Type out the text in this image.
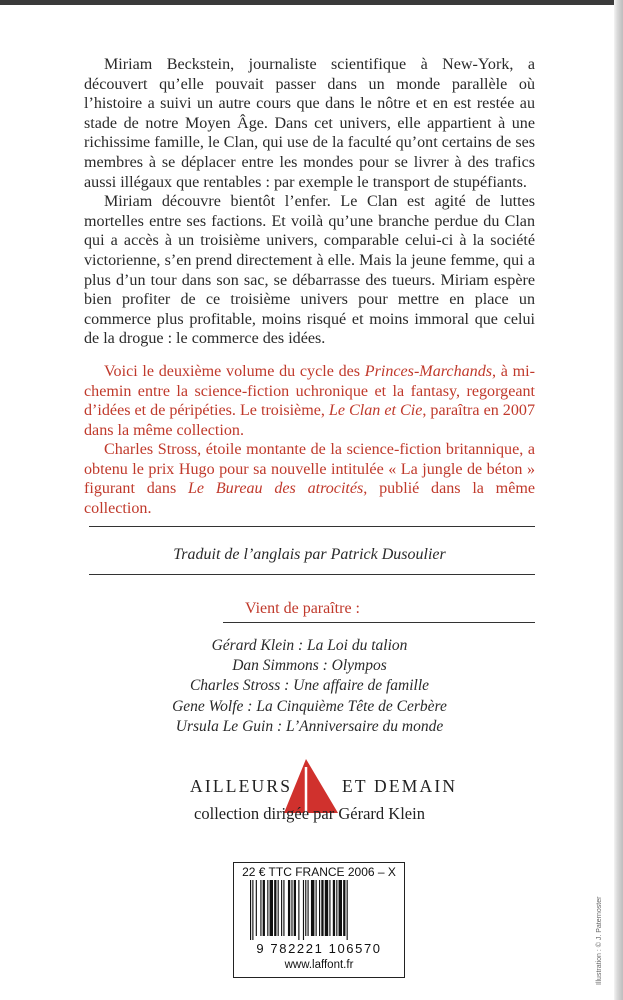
Miriam Beckstein, journaliste scientifique à New-York, a découvert qu’elle pouvait passer dans un monde parallèle où l’histoire a suivi un autre cours que dans le nôtre et en est restée au stade de notre Moyen Âge. Dans cet univers, elle appartient à une richissime famille, le Clan, qui use de la faculté qu’ont certains de ses membres à se déplacer entre les mondes pour se livrer à des trafics aussi illégaux que rentables : par exemple le transport de stupéfiants.

Miriam découvre bientôt l’enfer. Le Clan est agité de luttes mortelles entre ses factions. Et voilà qu’une branche perdue du Clan qui a accès à un troisième univers, comparable celui-ci à la société victorienne, s’en prend directement à elle. Mais la jeune femme, qui a plus d’un tour dans son sac, se débarrasse des tueurs. Miriam espère bien profiter de ce troisième univers pour mettre en place un commerce plus profitable, moins risqué et moins immoral que celui de la drogue : le commerce des idées.

Voici le deuxième volume du cycle des Princes-Marchands, à mi-chemin entre la science-fiction uchronique et la fantasy, regorgeant d’idées et de péripéties. Le troisième, Le Clan et Cie, paraîtra en 2007 dans la même collection.

Charles Stross, étoile montante de la science-fiction britannique, a obtenu le prix Hugo pour sa nouvelle intitulée « La jungle de béton » figurant dans Le Bureau des atrocités, publié dans la même collection.

Traduit de l’anglais par Patrick Dusoulier
Vient de paraître :
Gérard Klein : La Loi du talion
Dan Simmons : Olympos
Charles Stross : Une affaire de famille
Gene Wolfe : La Cinquième Tête de Cerbère
Ursula Le Guin : L’Anniversaire du monde
AILLEURS	ET DEMAIN
collection dirigée par Gérard Klein
22 € TTC FRANCE 2006 – X
9 782221 106570
www.laffont.fr	Illustration : © J. Paternoster
